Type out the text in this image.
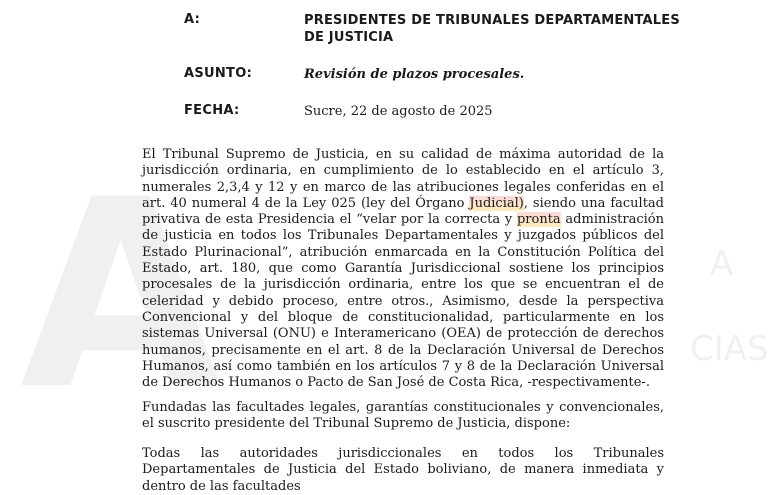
A	A
CIAS
A:	PRESIDENTES DE TRIBUNALES DEPARTAMENTALES
DE JUSTICIA
ASUNTO:	Revisión de plazos procesales.
FECHA:	Sucre, 22 de agosto de 2025

El Tribunal Supremo de Justicia, en su calidad de máxima autoridad de la jurisdicción ordinaria, en cumplimiento de lo establecido en el artículo 3, numerales 2,3,4 y 12 y en marco de las atribuciones legales conferidas en el art. 40 numeral 4 de la Ley 025 (ley del Órgano Judicial), siendo una facultad privativa de esta Presidencia el “velar por la correcta y pronta administración de justicia en todos los Tribunales Departamentales y juzgados públicos del Estado Plurinacional”, atribución enmarcada en la Constitución Política del Estado, art. 180, que como Garantía Jurisdiccional sostiene los principios procesales de la jurisdicción ordinaria, entre los que se encuentran el de celeridad y debido proceso, entre otros., Asimismo, desde la perspectiva Convencional y del bloque de constitucionalidad, particularmente en los sistemas Universal (ONU) e Interamericano (OEA) de protección de derechos humanos, precisamente en el art. 8 de la Declaración Universal de Derechos Humanos, así como también en los artículos 7 y 8 de la Declaración Universal de Derechos Humanos o Pacto de San José de Costa Rica, -respectivamente-.

Fundadas las facultades legales, garantías constitucionales y convencionales, el suscrito presidente del Tribunal Supremo de Justicia, dispone:

Todas las autoridades jurisdiccionales en todos los Tribunales Departamentales de Justicia del Estado boliviano, de manera inmediata y dentro de las facultades
